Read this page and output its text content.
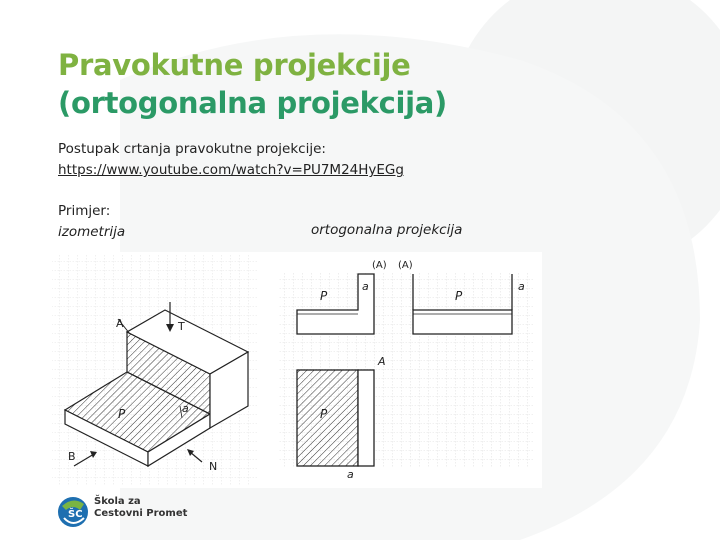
Pravokutne projekcije
(ortogonalna projekcija)
Postupak crtanja pravokutne projekcije:
https://www.youtube.com/watch?v=PU7M24HyEGg
Primjer:
izometrija	ortogonalna projekcija
A	T
P	a
B
N
(A) (A)
P
a
P
a
A
P
a
ŠC
Škola za
Cestovni Promet
